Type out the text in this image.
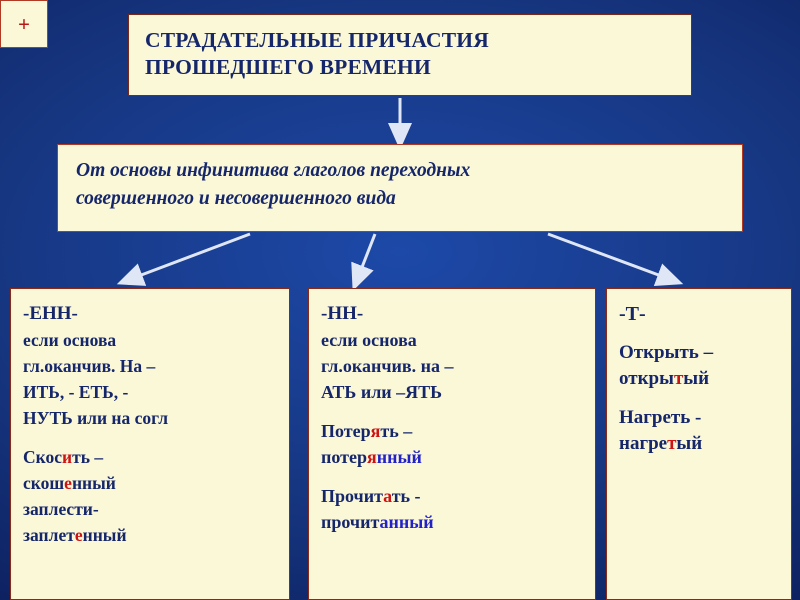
СТРАДАТЕЛЬНЫЕ ПРИЧАСТИЯ
ПРОШЕДШЕГО ВРЕМЕНИ
От основы инфинитива глаголов переходных
совершенного и несовершенного вида
+
-ЕНН-
если основа
гл.оканчив. На –
ИТЬ, - ЕТЬ, -
НУТЬ или на согл
Скосить –
скошенный
заплести-
заплетенный
-НН-
если основа
гл.оканчив. на –
АТЬ или –ЯТЬ
Потерять –
потерянный
Прочитать -
прочитанный
-Т-
Открыть –
открытый
Нагреть -
нагретый
